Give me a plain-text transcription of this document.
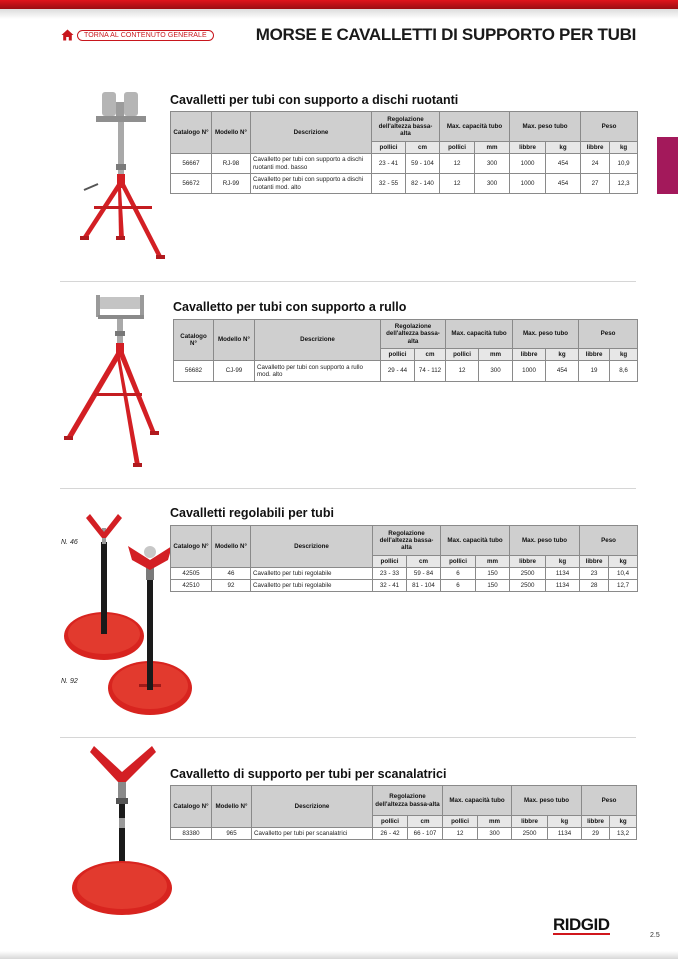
TORNA AL CONTENUTO GENERALE	MORSE E CAVALLETTI DI SUPPORTO PER TUBI
Cavalletti per tubi con supporto a dischi ruotanti
Catalogo N°	Modello N°	Descrizione	Regolazione dell'altezza bassa-alta		Max. capacità tubo		Max. peso tubo		Peso	
			pollici	cm	pollici	mm	libbre	kg	libbre	kg
56667	RJ-98	Cavalletto per tubi con supporto a dischi ruotanti mod. basso	23 - 41	59 - 104	12	300	1000	454	24	10,9
56672	RJ-99	Cavalletto per tubi con supporto a dischi ruotanti mod. alto	32 - 55	82 - 140	12	300	1000	454	27	12,3
Cavalletto per tubi con supporto a rullo
Catalogo N°	Modello N°	Descrizione	Regolazione dell'altezza bassa-alta		Max. capacità tubo		Max. peso tubo		Peso	
			pollici	cm	pollici	mm	libbre	kg	libbre	kg
56682	CJ-99	Cavalletto per tubi con supporto a rullo mod. alto	29 - 44	74 - 112	12	300	1000	454	19	8,6
N. 46
N. 92
Cavalletti regolabili per tubi
Catalogo N°	Modello N°	Descrizione	Regolazione dell'altezza bassa-alta		Max. capacità tubo		Max. peso tubo		Peso	
			pollici	cm	pollici	mm	libbre	kg	libbre	kg
42505	46	Cavalletto per tubi regolabile	23 - 33	59 - 84	6	150	2500	1134	23	10,4
42510	92	Cavalletto per tubi regolabile	32 - 41	81 - 104	6	150	2500	1134	28	12,7
Cavalletto di supporto per tubi per scanalatrici
Catalogo N°	Modello N°	Descrizione	Regolazione dell'altezza bassa-alta		Max. capacità tubo		Max. peso tubo		Peso	
			pollici	cm	pollici	mm	libbre	kg	libbre	kg
83380	965	Cavalletto per tubi per scanalatrici	26 - 42	66 - 107	12	300	2500	1134	29	13,2
RIDGID
2.5
